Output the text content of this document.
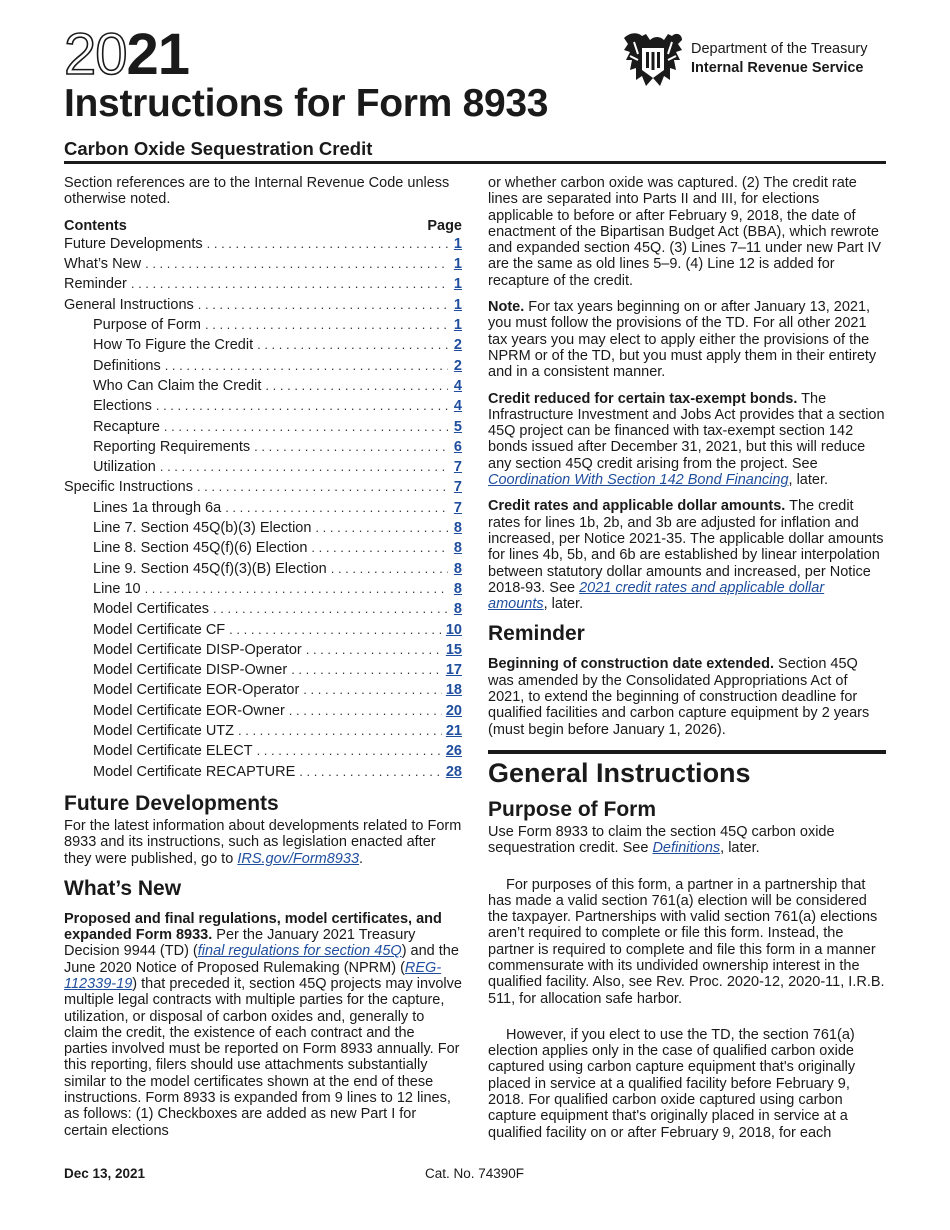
2021
Instructions for Form 8933
Carbon Oxide Sequestration Credit
Department of the Treasury
Internal Revenue Service

Section references are to the Internal Revenue Code unless otherwise noted.

Contents	Page
Future Developments . . .	1
What’s New . . .	1
Reminder . . .	1
General Instructions . . .	1
Purpose of Form . . .	1
How To Figure the Credit . . .	2
Definitions . . .	2
Who Can Claim the Credit . . .	4
Elections . . .	4
Recapture . . .	5
Reporting Requirements . . .	6
Utilization . . .	7
Specific Instructions . . .	7
Lines 1a through 6a . . .	7
Line 7. Section 45Q(b)(3) Election . . .	8
Line 8. Section 45Q(f)(6) Election . . .	8
Line 9. Section 45Q(f)(3)(B) Election . . .	8
Line 10 . . .	8
Model Certificates . . .	8
Model Certificate CF . . .	10
Model Certificate DISP-Operator . . .	15
Model Certificate DISP-Owner . . .	17
Model Certificate EOR-Operator . . .	18
Model Certificate EOR-Owner . . .	20
Model Certificate UTZ . . .	21
Model Certificate ELECT . . .	26
Model Certificate RECAPTURE . . .	28
Future Developments

For the latest information about developments related to Form 8933 and its instructions, such as legislation enacted after they were published, go to IRS.gov/Form8933.

What’s New

Proposed and final regulations, model certificates, and expanded Form 8933. Per the January 2021 Treasury Decision 9944 (TD) (final regulations for section 45Q) and the June 2020 Notice of Proposed Rulemaking (NPRM) (REG-112339-19) that preceded it, section 45Q projects may involve multiple legal contracts with multiple parties for the capture, utilization, or disposal of carbon oxides and, generally to claim the credit, the existence of each contract and the parties involved must be reported on Form 8933 annually. For this reporting, filers should use attachments substantially similar to the model certificates shown at the end of these instructions. Form 8933 is expanded from 9 lines to 12 lines, as follows: (1) Checkboxes are added as new Part I for certain elections

or whether carbon oxide was captured. (2) The credit rate lines are separated into Parts II and III, for elections applicable to before or after February 9, 2018, the date of enactment of the Bipartisan Budget Act (BBA), which rewrote and expanded section 45Q. (3) Lines 7–11 under new Part IV are the same as old lines 5–9. (4) Line 12 is added for recapture of the credit.

Note. For tax years beginning on or after January 13, 2021, you must follow the provisions of the TD. For all other 2021 tax years you may elect to apply either the provisions of the NPRM or of the TD, but you must apply them in their entirety and in a consistent manner.

Credit reduced for certain tax-exempt bonds. The Infrastructure Investment and Jobs Act provides that a section 45Q project can be financed with tax-exempt section 142 bonds issued after December 31, 2021, but this will reduce any section 45Q credit arising from the project. See Coordination With Section 142 Bond Financing, later.

Credit rates and applicable dollar amounts. The credit rates for lines 1b, 2b, and 3b are adjusted for inflation and increased, per Notice 2021-35. The applicable dollar amounts for lines 4b, 5b, and 6b are established by linear interpolation between statutory dollar amounts and increased, per Notice 2018-93. See 2021 credit rates and applicable dollar amounts, later.

Reminder

Beginning of construction date extended. Section 45Q was amended by the Consolidated Appropriations Act of 2021, to extend the beginning of construction deadline for qualified facilities and carbon capture equipment by 2 years (must begin before January 1, 2026).

General Instructions
Purpose of Form

Use Form 8933 to claim the section 45Q carbon oxide sequestration credit. See Definitions, later.

For purposes of this form, a partner in a partnership that has made a valid section 761(a) election will be considered the taxpayer. Partnerships with valid section 761(a) elections aren’t required to complete or file this form. Instead, the partner is required to complete and file this form in a manner commensurate with its undivided ownership interest in the qualified facility. Also, see Rev. Proc. 2020-12, 2020-11, I.R.B. 511, for allocation safe harbor.

However, if you elect to use the TD, the section 761(a) election applies only in the case of qualified carbon oxide captured using carbon capture equipment that's originally placed in service at a qualified facility before February 9, 2018. For qualified carbon oxide captured using carbon capture equipment that's originally placed in service at a qualified facility on or after February 9, 2018, for each

Dec 13, 2021	Cat. No. 74390F
